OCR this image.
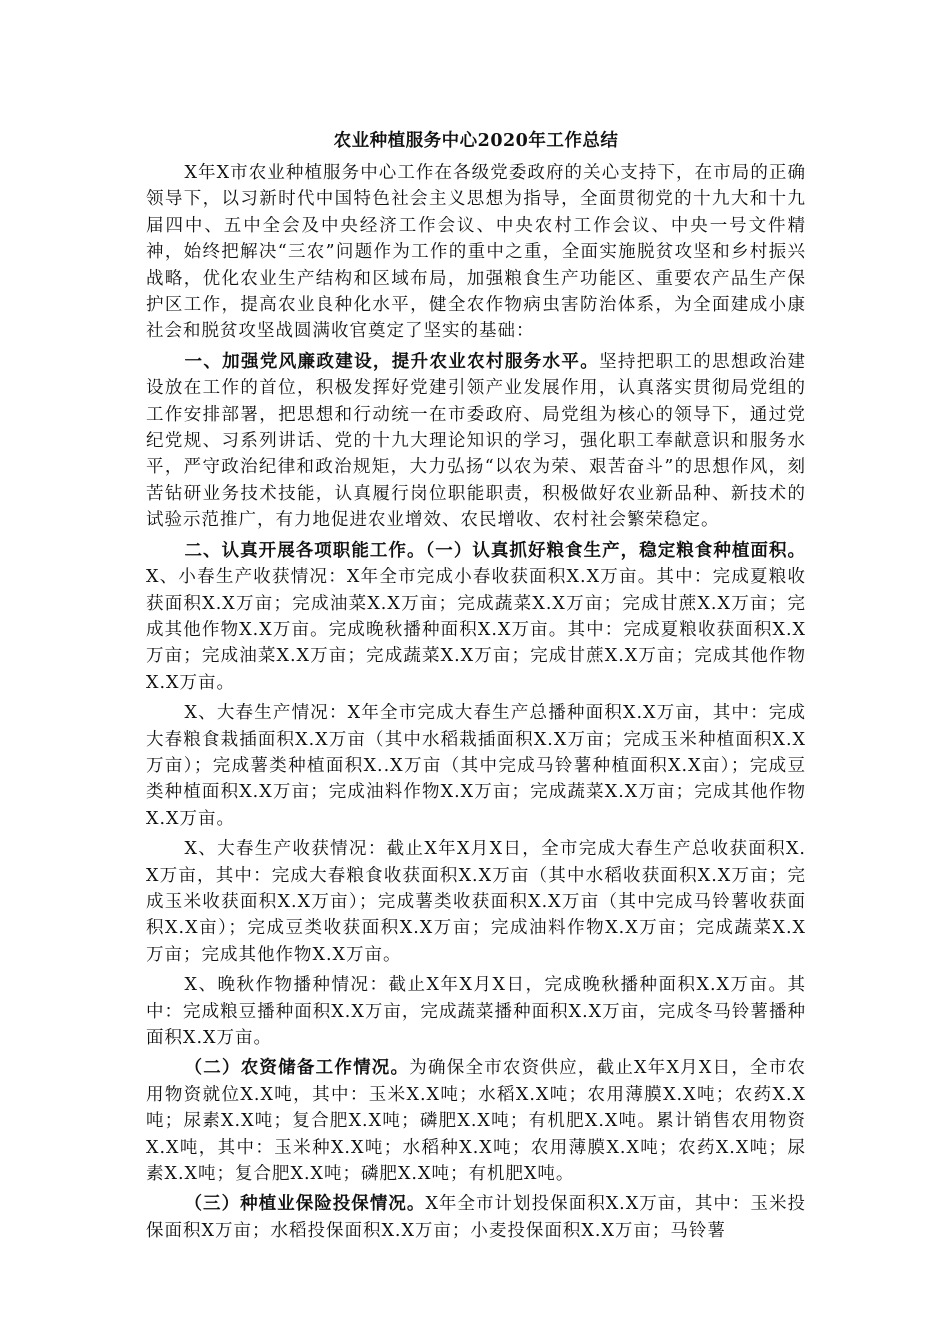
农业种植服务中心2020年工作总结

X年X市农业种植服务中心工作在各级党委政府的关心支持下，在市局的正确领导下，以习新时代中国特色社会主义思想为指导，全面贯彻党的十九大和十九届四中、五中全会及中央经济工作会议、中央农村工作会议、中央一号文件精神，始终把解决“三农”问题作为工作的重中之重，全面实施脱贫攻坚和乡村振兴战略，优化农业生产结构和区域布局，加强粮食生产功能区、重要农产品生产保护区工作，提高农业良种化水平，健全农作物病虫害防治体系，为全面建成小康社会和脱贫攻坚战圆满收官奠定了坚实的基础：

一、加强党风廉政建设，提升农业农村服务水平。坚持把职工的思想政治建设放在工作的首位，积极发挥好党建引领产业发展作用，认真落实贯彻局党组的工作安排部署，把思想和行动统一在市委政府、局党组为核心的领导下，通过党纪党规、习系列讲话、党的十九大理论知识的学习，强化职工奉献意识和服务水平，严守政治纪律和政治规矩，大力弘扬“以农为荣、艰苦奋斗”的思想作风，刻苦钻研业务技术技能，认真履行岗位职能职责，积极做好农业新品种、新技术的试验示范推广，有力地促进农业增效、农民增收、农村社会繁荣稳定。

二、认真开展各项职能工作。（一）认真抓好粮食生产，稳定粮食种植面积。X、小春生产收获情况：X年全市完成小春收获面积X.X万亩。其中：完成夏粮收获面积X.X万亩；完成油菜X.X万亩；完成蔬菜X.X万亩；完成甘蔗X.X万亩；完成其他作物X.X万亩。完成晚秋播种面积X.X万亩。其中：完成夏粮收获面积X.X万亩；完成油菜X.X万亩；完成蔬菜X.X万亩；完成甘蔗X.X万亩；完成其他作物X.X万亩。

X、大春生产情况：X年全市完成大春生产总播种面积X.X万亩，其中：完成大春粮食栽插面积X.X万亩（其中水稻栽插面积X.X万亩；完成玉米种植面积X.X万亩）；完成薯类种植面积X..X万亩（其中完成马铃薯种植面积X.X亩）；完成豆类种植面积X.X万亩；完成油料作物X.X万亩；完成蔬菜X.X万亩；完成其他作物X.X万亩。

X、大春生产收获情况：截止X年X月X日，全市完成大春生产总收获面积X.X万亩，其中：完成大春粮食收获面积X.X万亩（其中水稻收获面积X.X万亩；完成玉米收获面积X.X万亩）；完成薯类收获面积X.X万亩（其中完成马铃薯收获面积X.X亩）；完成豆类收获面积X.X万亩；完成油料作物X.X万亩；完成蔬菜X.X万亩；完成其他作物X.X万亩。

X、晚秋作物播种情况：截止X年X月X日，完成晚秋播种面积X.X万亩。其中：完成粮豆播种面积X.X万亩，完成蔬菜播种面积X.X万亩，完成冬马铃薯播种面积X.X万亩。

（二）农资储备工作情况。为确保全市农资供应，截止X年X月X日，全市农用物资就位X.X吨，其中：玉米X.X吨；水稻X.X吨；农用薄膜X.X吨；农药X.X吨；尿素X.X吨；复合肥X.X吨；磷肥X.X吨；有机肥X.X吨。累计销售农用物资X.X吨，其中：玉米种X.X吨；水稻种X.X吨；农用薄膜X.X吨；农药X.X吨；尿素X.X吨；复合肥X.X吨；磷肥X.X吨；有机肥X吨。

（三）种植业保险投保情况。X年全市计划投保面积X.X万亩，其中：玉米投保面积X万亩；水稻投保面积X.X万亩；小麦投保面积X.X万亩；马铃薯
